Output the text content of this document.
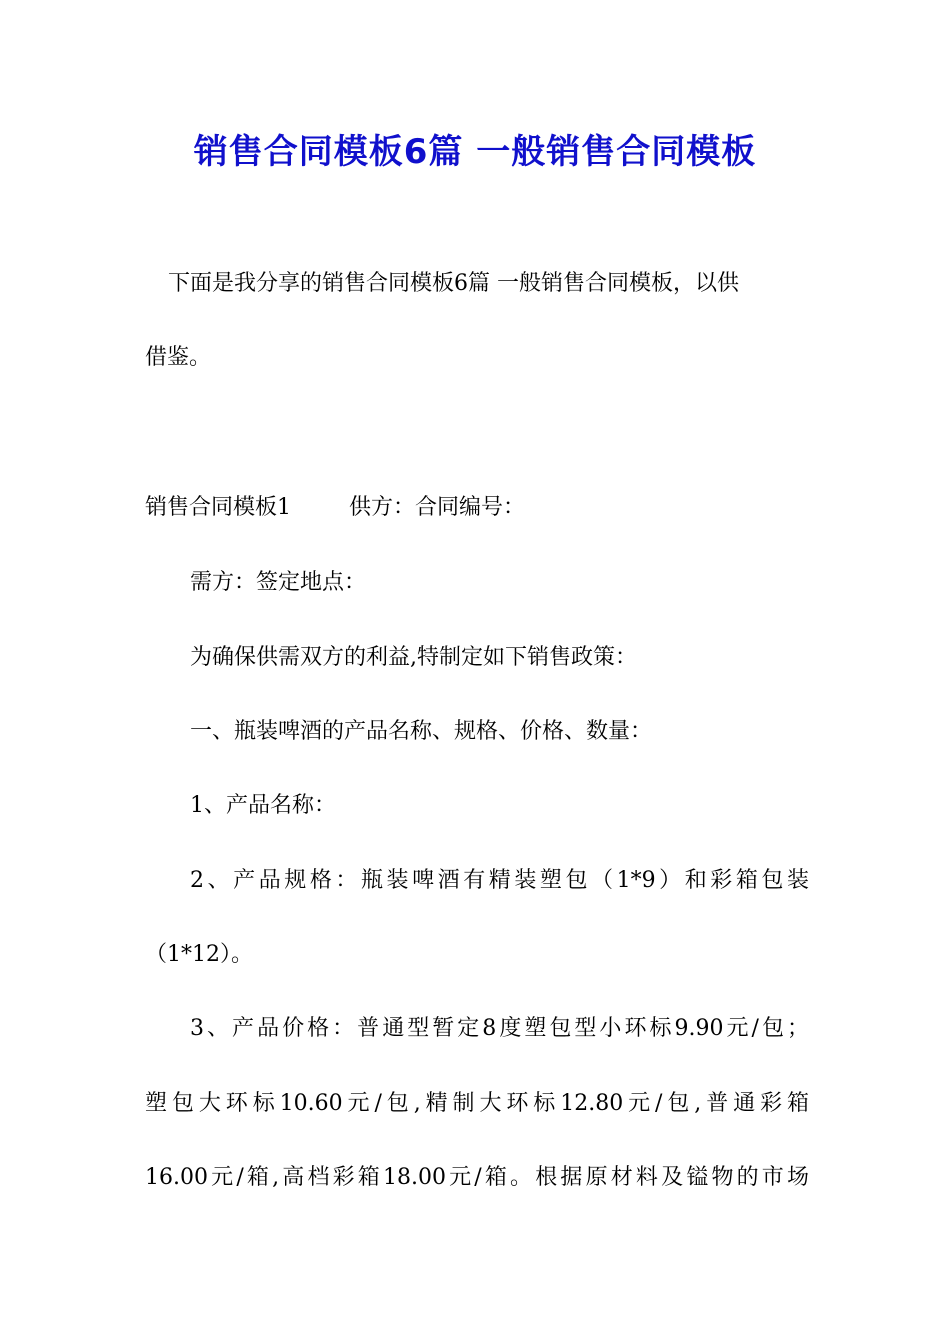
销售合同模板6篇 一般销售合同模板
下面是我分享的销售合同模板6篇 一般销售合同模板，以供
借鉴。
销售合同模板1	供方：合同编号：
需方：签定地点：
为确保供需双方的利益,特制定如下销售政策：
一、瓶装啤酒的产品名称、规格、价格、数量：
1、产品名称：
2、产品规格：瓶装啤酒有精装塑包（1*9）和彩箱包装
（1*12）。
3、产品价格：普通型暂定8度塑包型小环标9.90元/包；
塑包大环标10.60元/包,精制大环标12.80元/包,普通彩箱
16.00元/箱,高档彩箱18.00元/箱。根据原材料及镒物的市场
